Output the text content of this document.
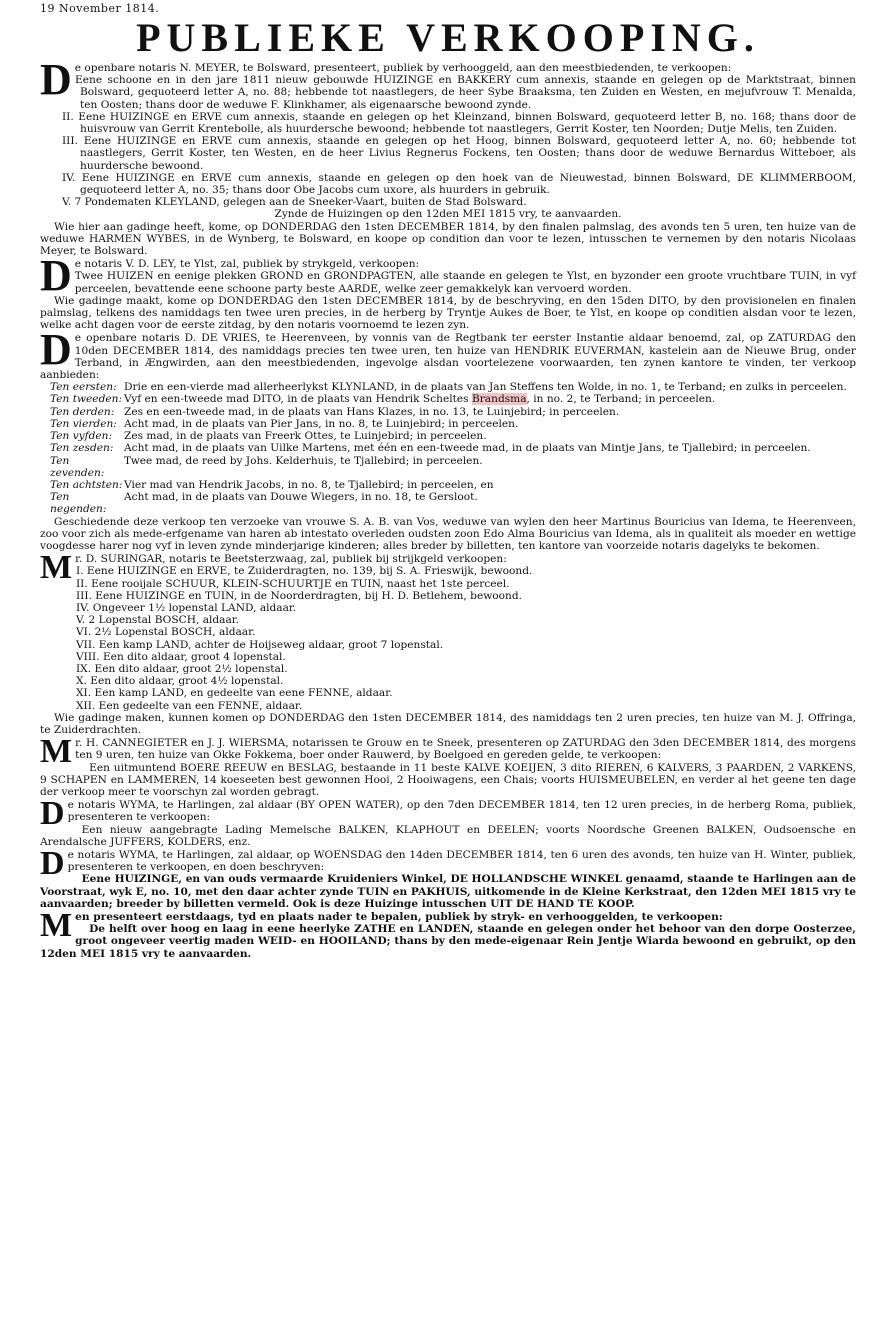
19 November 1814.
PUBLIEKE VERKOOPING.
D e openbare notaris N. MEYER, te Bolsward, presenteert, publiek by verhooggeld, aan den meestbiedenden, te verkoopen:

I. Eene schoone en in den jare 1811 nieuw gebouwde HUIZINGE en BAKKERY cum annexis, staande en gelegen op de Marktstraat, binnen Bolsward, gequoteerd letter A, no. 88; hebbende tot naastlegers, de heer Sybe Braaksma, ten Zuiden en Westen, en mejufvrouw T. Menalda, ten Oosten; thans door de weduwe F. Klinkhamer, als eigenaarsche bewoond zynde.

II. Eene HUIZINGE en ERVE cum annexis, staande en gelegen op het Kleinzand, binnen Bolsward, gequoteerd letter B, no. 168; thans door de huisvrouw van Gerrit Krentebolle, als huurdersche bewoond; hebbende tot naastlegers, Gerrit Koster, ten Noorden; Dutje Melis, ten Zuiden.

III. Eene HUIZINGE en ERVE cum annexis, staande en gelegen op het Hoog, binnen Bolsward, gequoteerd letter A, no. 60; hebbende tot naastlegers, Gerrit Koster, ten Westen, en de heer Livius Regnerus Fockens, ten Oosten; thans door de weduwe Bernardus Witteboer, als huurdersche bewoond.

IV. Eene HUIZINGE en ERVE cum annexis, staande en gelegen op den hoek van de Nieuwestad, binnen Bolsward, DE KLIMMERBOOM, gequoteerd letter A, no. 35; thans door Obe Jacobs cum uxore, als huurders in gebruik.

V. 7 Pondematen KLEYLAND, gelegen aan de Sneeker-Vaart, buiten de Stad Bolsward.

Zynde de Huizingen op den 12den MEI 1815 vry, te aanvaarden.

Wie hier aan gadinge heeft, kome, op DONDERDAG den 1sten DECEMBER 1814, by den finalen palmslag, des avonds ten 5 uren, ten huize van de weduwe HARMEN WYBES, in de Wynberg, te Bolsward, en koope op condition dan voor te lezen, intusschen te vernemen by den notaris Nicolaas Meyer, te Bolsward.

D e notaris V. D. LEY, te Ylst, zal, publiek by strykgeld, verkoopen:

Twee HUIZEN en eenige plekken GROND en GRONDPAGTEN, alle staande en gelegen te Ylst, en byzonder een groote vruchtbare TUIN, in vyf perceelen, bevattende eene schoone party beste AARDE, welke zeer gemakkelyk kan vervoerd worden.

Wie gadinge maakt, kome op DONDERDAG den 1sten DECEMBER 1814, by de beschryving, en den 15den DITO, by den provisionelen en finalen palmslag, telkens des namiddags ten twee uren precies, in de herberg by Tryntje Aukes de Boer, te Ylst, en koope op conditien alsdan voor te lezen, welke acht dagen voor de eerste zitdag, by den notaris voornoemd te lezen zyn.

D e openbare notaris D. DE VRIES, te Heerenveen, by vonnis van de Regtbank ter eerster Instantie aldaar benoemd, zal, op ZATURDAG den 10den DECEMBER 1814, des namiddags precies ten twee uren, ten huize van HENDRIK EUVERMAN, kastelein aan de Nieuwe Brug, onder Terband, in Ængwirden, aan den meestbiedenden, ingevolge alsdan voortelezene voorwaarden, ten zynen kantore te vinden, ter verkoop aanbieden:

Ten eersten: Drie en een-vierde mad allerheerlykst KLYNLAND, in de plaats van Jan Steffens ten Wolde, in no. 1, te Terband; en zulks in perceelen.
Ten tweeden: Vyf en een-tweede mad DITO, in de plaats van Hendrik Scheltes Brandsma, in no. 2, te Terband; in perceelen.
Ten derden: Zes en een-tweede mad, in de plaats van Hans Klazes, in no. 13, te Luinjebird; in perceelen.
Ten vierden: Acht mad, in de plaats van Pier Jans, in no. 8, te Luinjebird; in perceelen.
Ten vyfden:	Zes mad, in de plaats van Freerk Ottes, te Luinjebird; in perceelen.
Ten zesden: Acht mad, in de plaats van Uilke Martens, met één en een-tweede mad, in de plaats van Mintje Jans, te Tjallebird; in perceelen.
Ten zevenden:
Twee mad, de reed by Johs. Kelderhuis, te Tjallebird; in perceelen.
Ten achtsten: Vier mad van Hendrik Jacobs, in no. 8, te Tjallebird; in perceelen, en
Ten negenden:
Acht mad, in de plaats van Douwe Wiegers, in no. 18, te Gersloot.

Geschiedende deze verkoop ten verzoeke van vrouwe S. A. B. van Vos, weduwe van wylen den heer Martinus Bouricius van Idema, te Heerenveen, zoo voor zich als mede-erfgename van haren ab intestato overleden oudsten zoon Edo Alma Bouricius van Idema, als in qualiteit als moeder en wettige voogdesse harer nog vyf in leven zynde minderjarige kinderen; alles breder by billetten, ten kantore van voorzeide notaris dagelyks te bekomen.

M r. D. SURINGAR, notaris te Beetsterzwaag, zal, publiek bij strijkgeld verkoopen:

I. Eene HUIZINGE en ERVE, te Zuiderdragten, no. 139, bij S. A. Frieswijk, bewoond.

II. Eene rooijale SCHUUR, KLEIN-SCHUURTJE en TUIN, naast het 1ste perceel.

III. Eene HUIZINGE en TUIN, in de Noorderdragten, bij H. D. Betlehem, bewoond.

IV. Ongeveer 1½ lopenstal LAND, aldaar.

V. 2 Lopenstal BOSCH, aldaar.

VI. 2½ Lopenstal BOSCH, aldaar.

VII. Een kamp LAND, achter de Hoijseweg aldaar, groot 7 lopenstal.

VIII. Een dito aldaar, groot 4 lopenstal.

IX. Een dito aldaar, groot 2½ lopenstal.

X. Een dito aldaar, groot 4½ lopenstal.

XI. Een kamp LAND, en gedeelte van eene FENNE, aldaar.

XII. Een gedeelte van een FENNE, aldaar.

Wie gadinge maken, kunnen komen op DONDERDAG den 1sten DECEMBER 1814, des namiddags ten 2 uren precies, ten huize van M. J. Offringa, te Zuiderdrachten.

M r. H. CANNEGIETER en J. J. WIERSMA, notarissen te Grouw en te Sneek, presenteren op ZATURDAG den 3den DECEMBER 1814, des morgens ten 9 uren, ten huize van Okke Fokkema, boer onder Rauwerd, by Boelgoed en gereden gelde, te verkoopen:

Een uitmuntend BOERE REEUW en BESLAG, bestaande in 11 beste KALVE KOEIJEN, 3 dito RIEREN, 6 KALVERS, 3 PAARDEN, 2 VARKENS, 9 SCHAPEN en LAMMEREN, 14 koeseeten best gewonnen Hooi, 2 Hooiwagens, een Chais; voorts HUISMEUBELEN, en verder al het geene ten dage der verkoop meer te voorschyn zal worden gebragt.

D e notaris WYMA, te Harlingen, zal aldaar (BY OPEN WATER), op den 7den DECEMBER 1814, ten 12 uren precies, in de herberg Roma, publiek, presenteren te verkoopen:

Een nieuw aangebragte Lading Memelsche BALKEN, KLAPHOUT en DEELEN; voorts Noordsche Greenen BALKEN, Oudsoensche en Arendalsche JUFFERS, KOLDERS, enz.

D e notaris WYMA, te Harlingen, zal aldaar, op WOENSDAG den 14den DECEMBER 1814, ten 6 uren des avonds, ten huize van H. Winter, publiek, presenteren te verkoopen, en doen beschryven:

Eene HUIZINGE, en van ouds vermaarde Kruideniers Winkel, DE HOLLANDSCHE WINKEL genaamd, staande te Harlingen aan de Voorstraat, wyk E, no. 10, met den daar achter zynde TUIN en PAKHUIS, uitkomende in de Kleine Kerkstraat, den 12den MEI 1815 vry te aanvaarden; breeder by billetten vermeld. Ook is deze Huizinge intusschen UIT DE HAND TE KOOP.

M en presenteert eerstdaags, tyd en plaats nader te bepalen, publiek by stryk- en verhooggelden, te verkoopen:

De helft over hoog en laag in eene heerlyke ZATHE en LANDEN, staande en gelegen onder het behoor van den dorpe Oosterzee, groot ongeveer veertig maden WEID- en HOOILAND; thans by den mede-eigenaar Rein Jentje Wiarda bewoond en gebruikt, op den 12den MEI 1815 vry te aanvaarden.
